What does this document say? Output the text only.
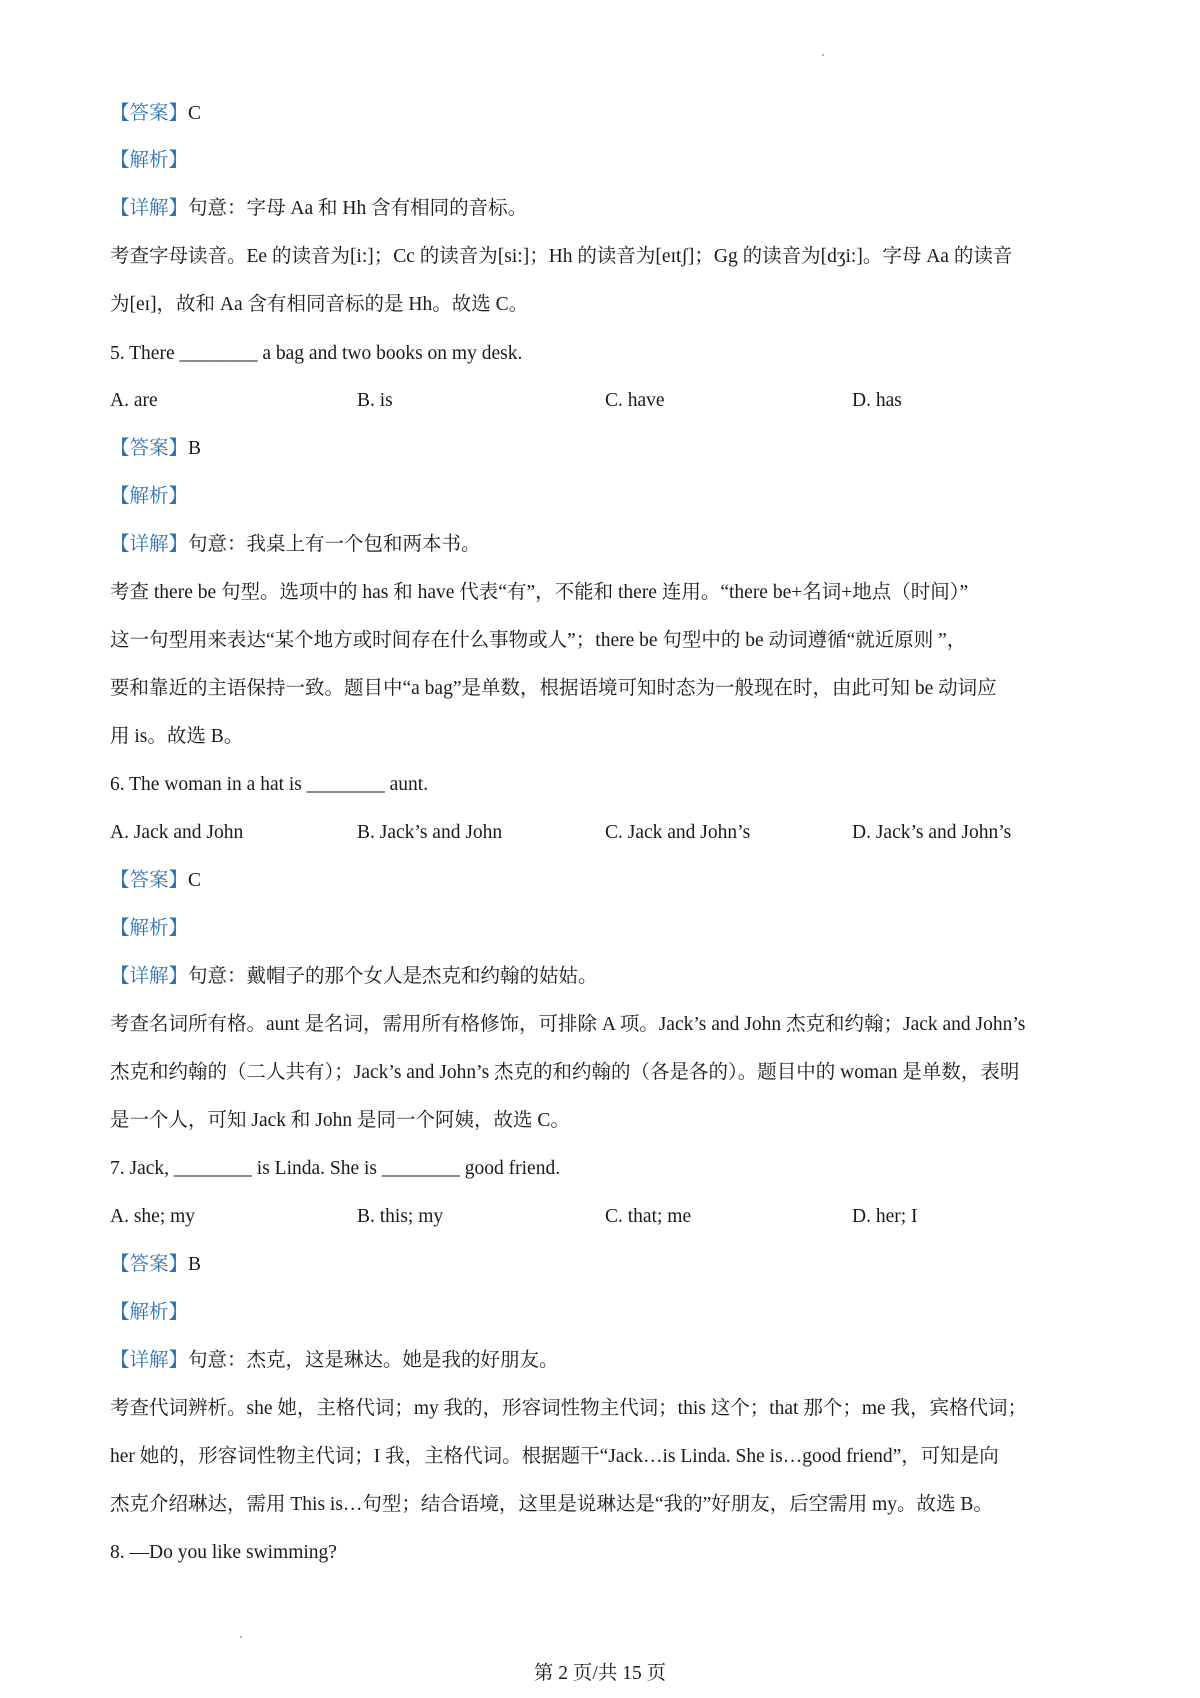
【答案】C
【解析】
【详解】句意：字母 Aa 和 Hh 含有相同的音标。
考查字母读音。Ee 的读音为[i:]；Cc 的读音为[si:]；Hh 的读音为[eɪtʃ]；Gg 的读音为[dʒi:]。字母 Aa 的读音
为[eɪ]，故和 Aa 含有相同音标的是 Hh。故选 C。
5. There ________ a bag and two books on my desk.
A. are	B. is	C. have	D. has
【答案】B
【解析】
【详解】句意：我桌上有一个包和两本书。
考查 there be 句型。选项中的 has 和 have 代表“有”，不能和 there 连用。“there be+名词+地点（时间）”
这一句型用来表达“某个地方或时间存在什么事物或人”；there be 句型中的 be 动词遵循“就近原则 ”，
要和靠近的主语保持一致。题目中“a bag”是单数，根据语境可知时态为一般现在时，由此可知 be 动词应
用 is。故选 B。
6. The woman in a hat is ________ aunt.
A. Jack and John	B. Jack’s and John	C. Jack and John’s	D. Jack’s and John’s
【答案】C
【解析】
【详解】句意：戴帽子的那个女人是杰克和约翰的姑姑。
考查名词所有格。aunt 是名词，需用所有格修饰，可排除 A 项。Jack’s and John 杰克和约翰；Jack and John’s
杰克和约翰的（二人共有）；Jack’s and John’s 杰克的和约翰的（各是各的）。题目中的 woman 是单数，表明
是一个人，可知 Jack 和 John 是同一个阿姨，故选 C。
7. Jack, ________ is Linda. She is ________ good friend.
A. she; my	B. this; my	C. that; me	D. her; I
【答案】B
【解析】
【详解】句意：杰克，这是琳达。她是我的好朋友。
考查代词辨析。she 她，主格代词；my 我的，形容词性物主代词；this 这个；that 那个；me 我，宾格代词；
her 她的，形容词性物主代词；I 我，主格代词。根据题干“Jack…is Linda. She is…good friend”，可知是向
杰克介绍琳达，需用 This is…句型；结合语境，这里是说琳达是“我的”好朋友，后空需用 my。故选 B。
8. —Do you like swimming?
第 2 页/共 15 页
